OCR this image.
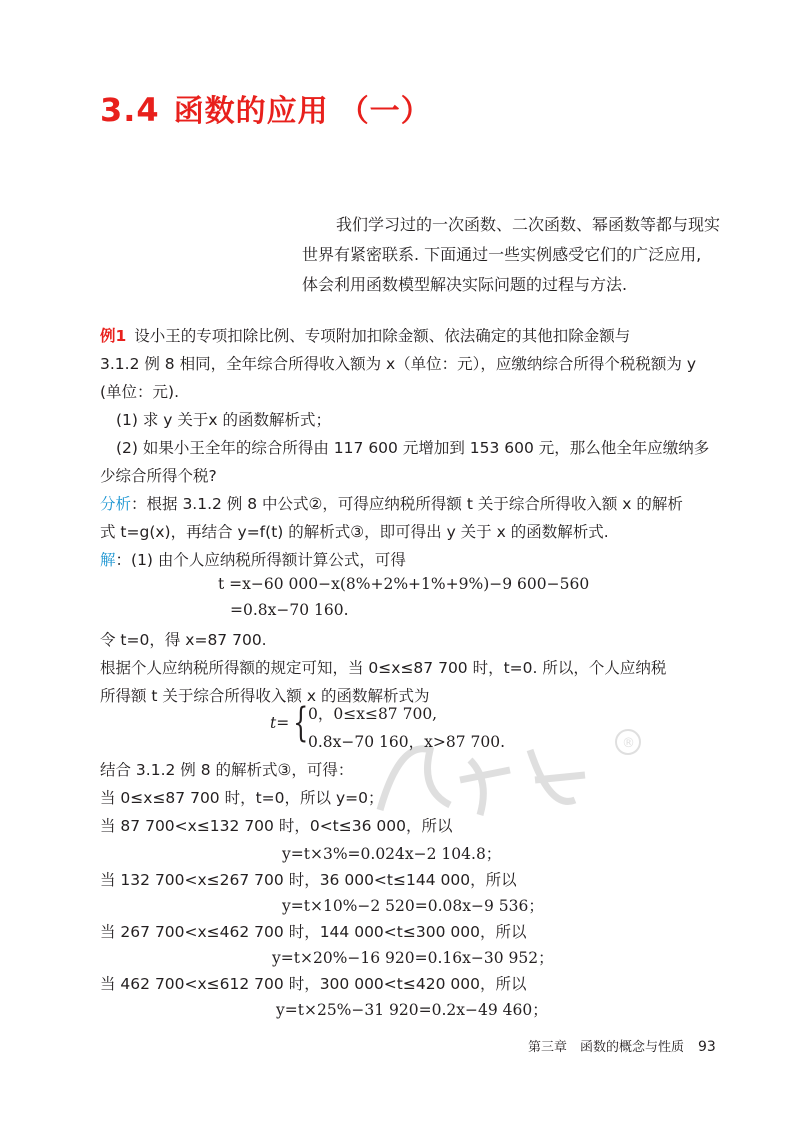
3.4 函数的应用 （一）

我们学习过的一次函数、二次函数、幂函数等都与现实
世界有紧密联系. 下面通过一些实例感受它们的广泛应用,
体会利用函数模型解决实际问题的过程与方法.

例1 设小王的专项扣除比例、专项附加扣除金额、依法确定的其他扣除金额与

3.1.2 例 8 相同，全年综合所得收入额为 x（单位：元），应缴纳综合所得个税税额为 y

(单位：元).

(1) 求 y 关于x 的函数解析式；

(2) 如果小王全年的综合所得由 117 600 元增加到 153 600 元，那么他全年应缴纳多

少综合所得个税?

分析：根据 3.1.2 例 8 中公式②，可得应纳税所得额 t 关于综合所得收入额 x 的解析

式 t=g(x)，再结合 y=f(t) 的解析式③，即可得出 y 关于 x 的函数解析式.

解：(1) 由个人应纳税所得额计算公式，可得

t =x−60 000−x(8%+2%+1%+9%)−9 600−560

=0.8x−70 160.

令 t=0，得 x=87 700.

根据个人应纳税所得额的规定可知，当 0≤x≤87 700 时，t=0. 所以，个人应纳税

所得额 t 关于综合所得收入额 x 的函数解析式为

t= { 0，0≤x≤87 700,
0.8x−70 160，x>87 700.	®

结合 3.1.2 例 8 的解析式③，可得：

当 0≤x≤87 700 时，t=0，所以 y=0；

当 87 700<x≤132 700 时，0<t≤36 000，所以

y=t×3%=0.024x−2 104.8；

当 132 700<x≤267 700 时，36 000<t≤144 000，所以

y=t×10%−2 520=0.08x−9 536；

当 267 700<x≤462 700 时，144 000<t≤300 000，所以

y=t×20%−16 920=0.16x−30 952；

当 462 700<x≤612 700 时，300 000<t≤420 000，所以

y=t×25%−31 920=0.2x−49 460；

第三章　函数的概念与性质 93
